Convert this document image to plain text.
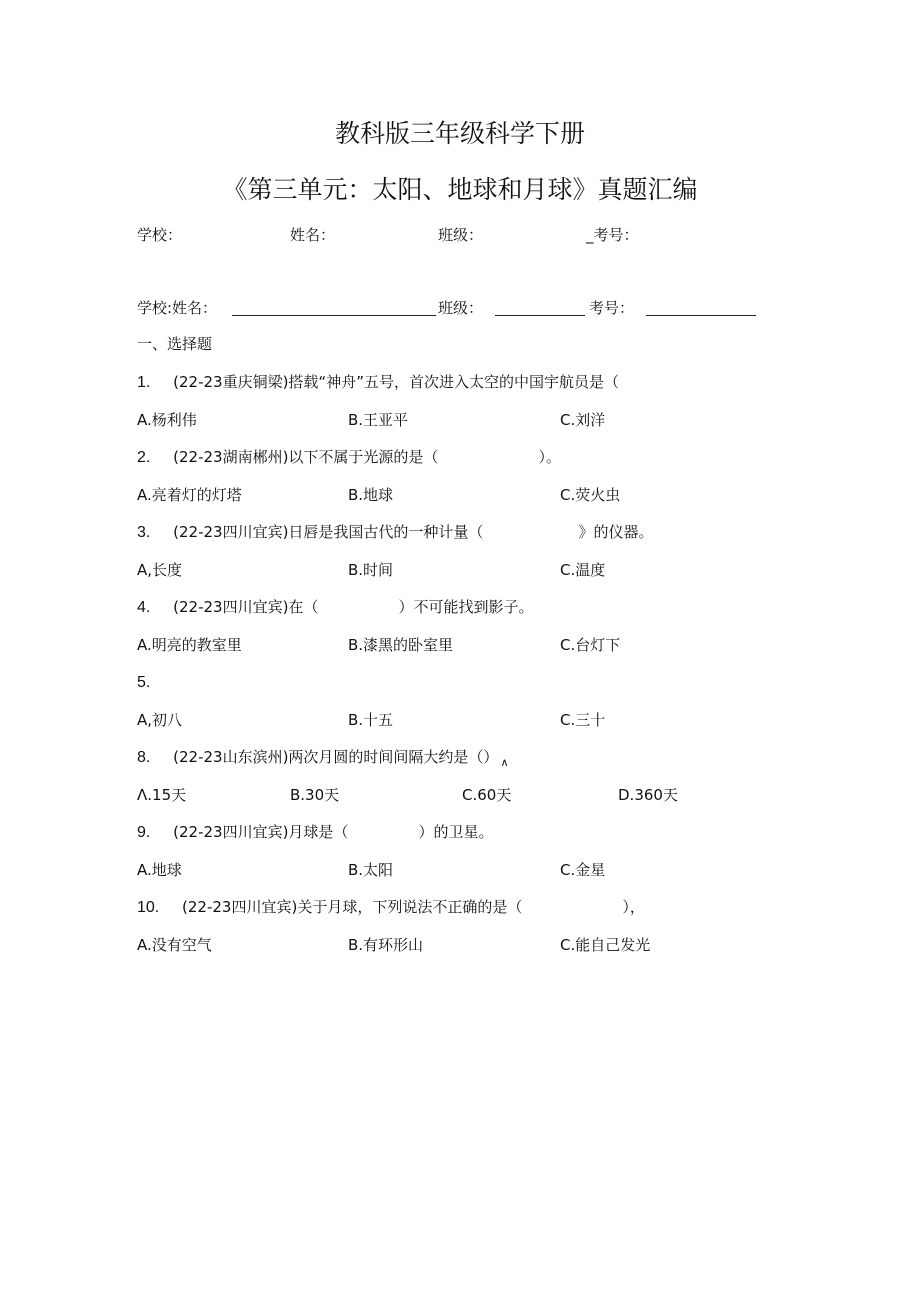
教科版三年级科学下册
《第三单元：太阳、地球和月球》真题汇编
学校：	姓名：	班级：	_考号：
学校:姓名：	班级：	考号：
一、选择题
1. (22-23重庆铜梁)搭载“神舟”五号，首次进入太空的中国宇航员是（
A.杨利伟	B.王亚平	C.刘洋
2. (22-23湖南郴州)以下不属于光源的是（	）。
A.亮着灯的灯塔	B.地球	C.荧火虫
3. (22-23四川宜宾)日唇是我国古代的一种计量（	》的仪器。
A,长度	B.时间	C.温度
4. (22-23四川宜宾)在（	）不可能找到影子。
A.明亮的教室里	B.漆黑的卧室里	C.台灯下
5.
A,初八	B.十五	C.三十
8. (22-23山东滨州)两次月圆的时间间隔大约是（） $_\wedge$
Λ.15天	B.30天	C.60天	D.360天
9. (22-23四川宜宾)月球是（	）的卫星。
A.地球	B.太阳	C.金星
10. (22-23四川宜宾)关于月球，下列说法不正确的是（	），
A.没有空气	B.有环形山	C.能自己发光
